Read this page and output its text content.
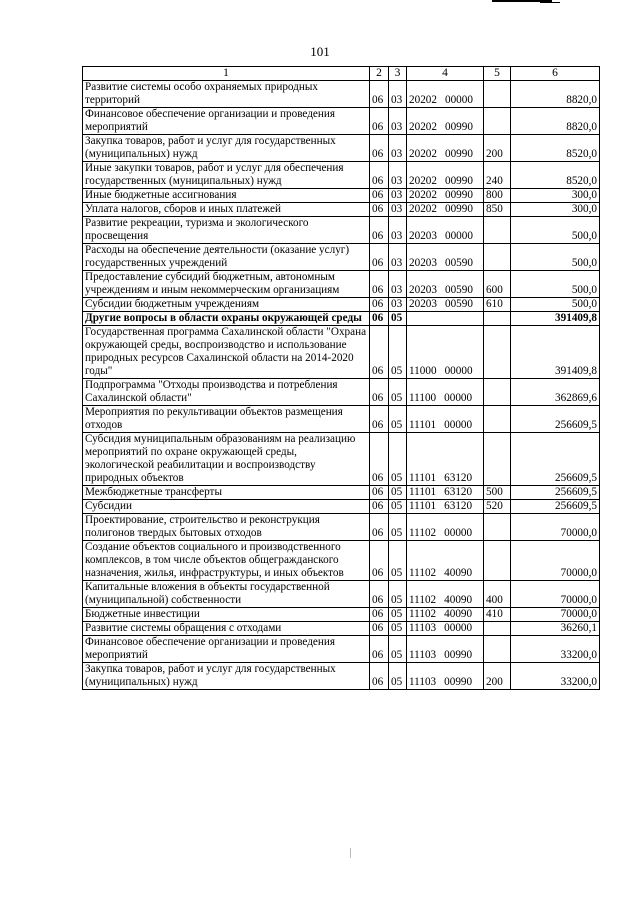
101
1	2	3	4	5	6
Развитие системы особо охраняемых природных территорий	06	03	20202 00000		8820,0
Финансовое обеспечение организации и проведения мероприятий	06	03	20202 00990		8820,0
Закупка товаров, работ и услуг для государственных (муниципальных) нужд	06	03	20202 00990	200	8520,0
Иные закупки товаров, работ и услуг для обеспечения государственных (муниципальных) нужд	06	03	20202 00990	240	8520,0
Иные бюджетные ассигнования	06	03	20202 00990	800	300,0
Уплата налогов, сборов и иных платежей	06	03	20202 00990	850	300,0
Развитие рекреации, туризма и экологического просвещения	06	03	20203 00000		500,0
Расходы на обеспечение деятельности (оказание услуг) государственных учреждений	06	03	20203 00590		500,0
Предоставление субсидий бюджетным, автономным учреждениям и иным некоммерческим организациям	06	03	20203 00590	600	500,0
Субсидии бюджетным учреждениям	06	03	20203 00590	610	500,0
Другие вопросы в области охраны окружающей среды	06	05			391409,8
Государственная программа Сахалинской области "Охрана окружающей среды, воспроизводство и использование природных ресурсов Сахалинской области на 2014-2020 годы"	06	05	11000 00000		391409,8
Подпрограмма "Отходы производства и потребления Сахалинской области"	06	05	11100 00000		362869,6
Мероприятия по рекультивации объектов размещения отходов	06	05	11101 00000		256609,5
Субсидия муниципальным образованиям на реализацию мероприятий по охране окружающей среды, экологической реабилитации и воспроизводству природных объектов	06	05	11101 63120		256609,5
Межбюджетные трансферты	06	05	11101 63120	500	256609,5
Субсидии	06	05	11101 63120	520	256609,5
Проектирование, строительство и реконструкция полигонов твердых бытовых отходов	06	05	11102 00000		70000,0
Создание объектов социального и производственного комплексов, в том числе объектов общегражданского назначения, жилья, инфраструктуры, и иных объектов	06	05	11102 40090		70000,0
Капитальные вложения в объекты государственной (муниципальной) собственности	06	05	11102 40090	400	70000,0
Бюджетные инвестиции	06	05	11102 40090	410	70000,0
Развитие системы обращения с отходами	06	05	11103 00000		36260,1
Финансовое обеспечение организации и проведения мероприятий	06	05	11103 00990		33200,0
Закупка товаров, работ и услуг для государственных (муниципальных) нужд	06	05	11103 00990	200	33200,0
